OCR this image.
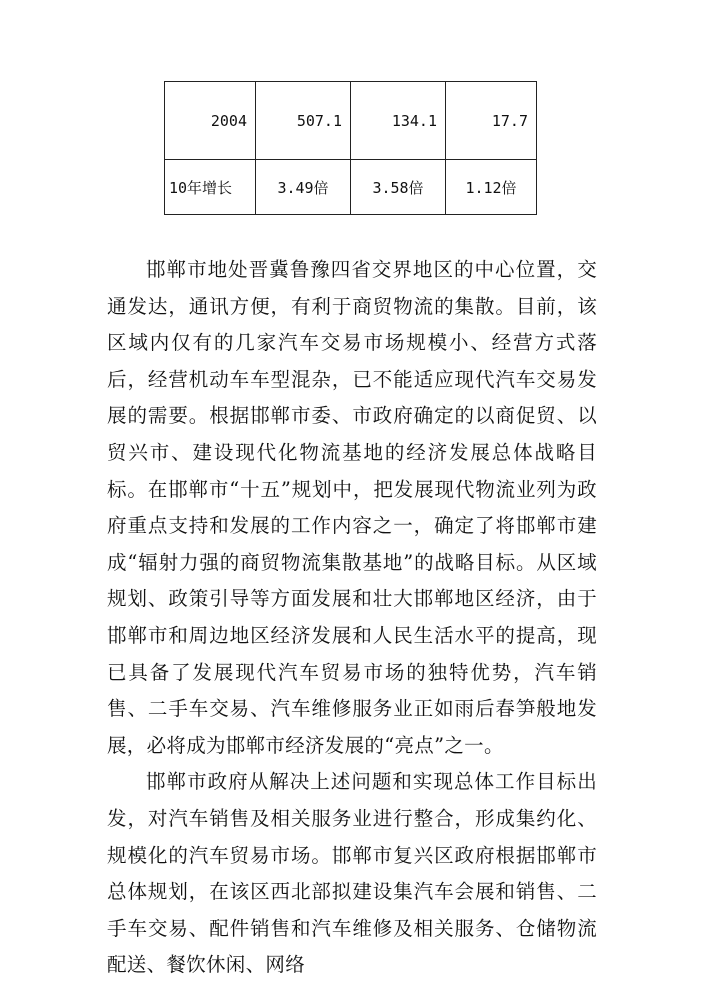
2004	507.1	134.1	17.7
10年增长	3.49倍	3.58倍	1.12倍

邯郸市地处晋冀鲁豫四省交界地区的中心位置，交通发达，通讯方便，有利于商贸物流的集散。目前，该区域内仅有的几家汽车交易市场规模小、经营方式落后，经营机动车车型混杂，已不能适应现代汽车交易发展的需要。根据邯郸市委、市政府确定的以商促贸、以贸兴市、建设现代化物流基地的经济发展总体战略目标。在邯郸市“十五”规划中，把发展现代物流业列为政府重点支持和发展的工作内容之一，确定了将邯郸市建成“辐射力强的商贸物流集散基地”的战略目标。从区域规划、政策引导等方面发展和壮大邯郸地区经济，由于邯郸市和周边地区经济发展和人民生活水平的提高，现已具备了发展现代汽车贸易市场的独特优势，汽车销售、二手车交易、汽车维修服务业正如雨后春笋般地发展，必将成为邯郸市经济发展的“亮点”之一。

邯郸市政府从解决上述问题和实现总体工作目标出发，对汽车销售及相关服务业进行整合，形成集约化、规模化的汽车贸易市场。邯郸市复兴区政府根据邯郸市总体规划，在该区西北部拟建设集汽车会展和销售、二手车交易、配件销售和汽车维修及相关服务、仓储物流配送、餐饮休闲、网络
